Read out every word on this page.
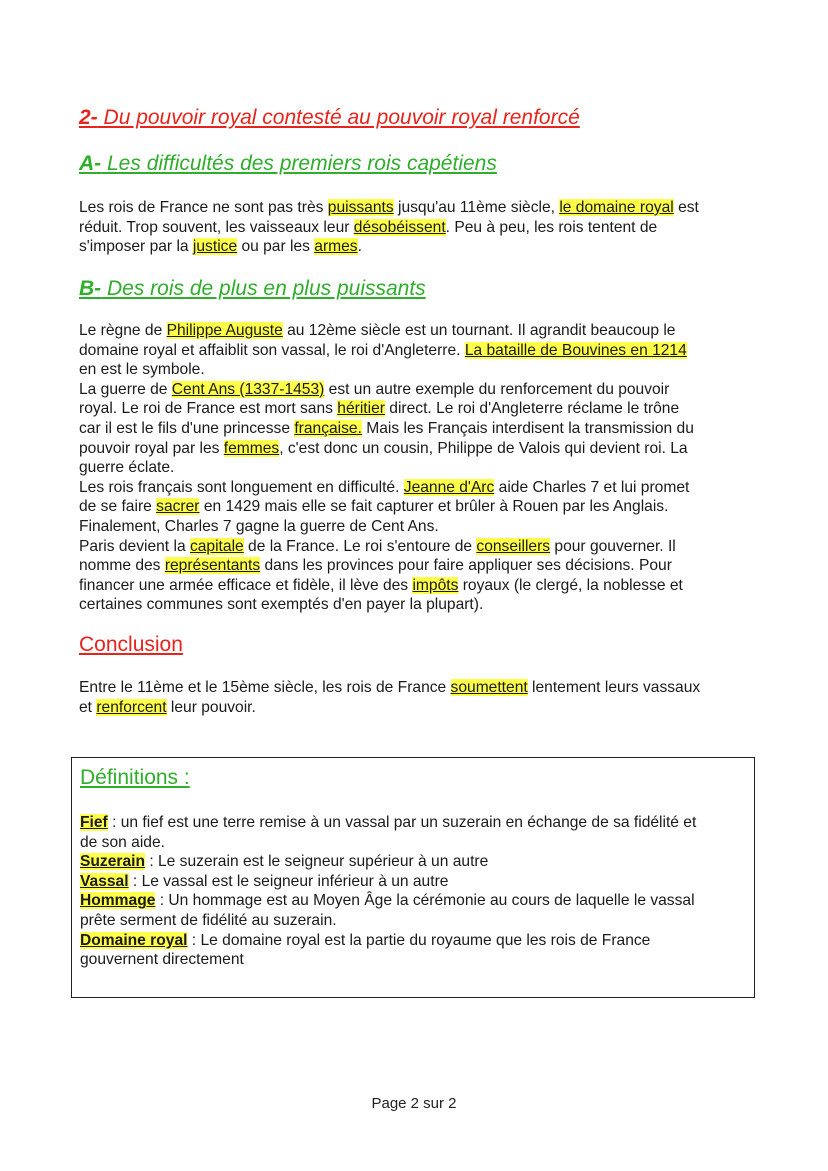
2- Du pouvoir royal contesté au pouvoir royal renforcé
A- Les difficultés des premiers rois capétiens
Les rois de France ne sont pas très puissants jusqu'au 11ème siècle, le domaine royal est
réduit. Trop souvent, les vaisseaux leur désobéissent. Peu à peu, les rois tentent de
s'imposer par la justice ou par les armes.
B- Des rois de plus en plus puissants
Le règne de Philippe Auguste au 12ème siècle est un tournant. Il agrandit beaucoup le
domaine royal et affaiblit son vassal, le roi d'Angleterre. La bataille de Bouvines en 1214
en est le symbole.
La guerre de Cent Ans (1337-1453) est un autre exemple du renforcement du pouvoir
royal. Le roi de France est mort sans héritier direct. Le roi d'Angleterre réclame le trône
car il est le fils d'une princesse française. Mais les Français interdisent la transmission du
pouvoir royal par les femmes, c'est donc un cousin, Philippe de Valois qui devient roi. La
guerre éclate.
Les rois français sont longuement en difficulté. Jeanne d'Arc aide Charles 7 et lui promet
de se faire sacrer en 1429 mais elle se fait capturer et brûler à Rouen par les Anglais.
Finalement, Charles 7 gagne la guerre de Cent Ans.
Paris devient la capitale de la France. Le roi s'entoure de conseillers pour gouverner. Il
nomme des représentants dans les provinces pour faire appliquer ses décisions. Pour
financer une armée efficace et fidèle, il lève des impôts royaux (le clergé, la noblesse et
certaines communes sont exemptés d'en payer la plupart).
Conclusion
Entre le 11ème et le 15ème siècle, les rois de France soumettent lentement leurs vassaux
et renforcent leur pouvoir.
Définitions :
Fief : un fief est une terre remise à un vassal par un suzerain en échange de sa fidélité et
de son aide.
Suzerain : Le suzerain est le seigneur supérieur à un autre
Vassal : Le vassal est le seigneur inférieur à un autre
Hommage : Un hommage est au Moyen Âge la cérémonie au cours de laquelle le vassal
prête serment de fidélité au suzerain.
Domaine royal : Le domaine royal est la partie du royaume que les rois de France
gouvernent directement
Page 2 sur 2
